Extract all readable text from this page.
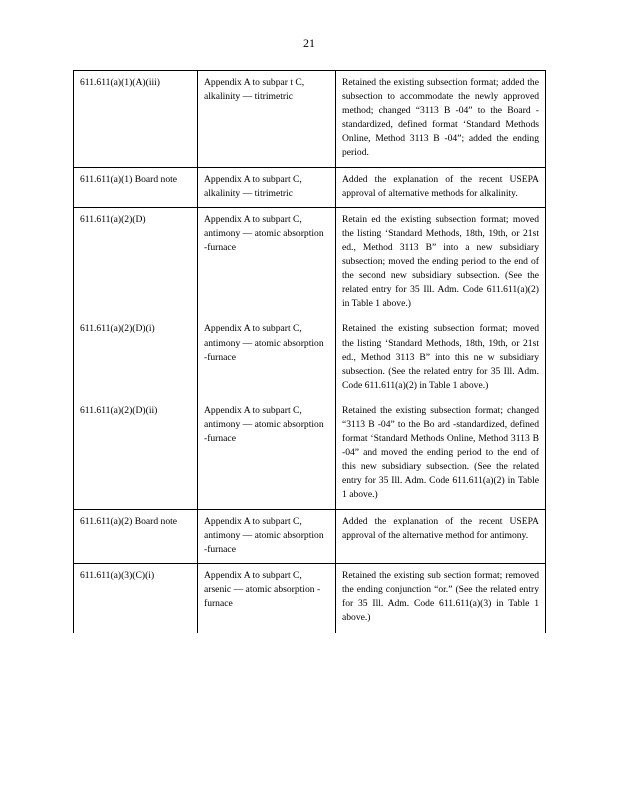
21
611.611(a)(1)(A)(iii)	Appendix A to subpar t C, alkalinity — titrimetric	Retained the existing subsection format; added the subsection to accommodate the newly approved method; changed “3113 B -04” to the Board -standardized, defined format ‘Standard Methods Online, Method 3113 B -04”; added the ending period.
611.611(a)(1) Board note	Appendix A to subpart C, alkalinity — titrimetric	Added the explanation of the recent USEPA approval of alternative methods for alkalinity.
611.611(a)(2)(D)	Appendix A to subpart C, antimony — atomic absorption -furnace	Retain ed the existing subsection format; moved the listing ‘Standard Methods, 18th, 19th, or 21st ed., Method 3113 B” into a new subsidiary subsection; moved the ending period to the end of the second new subsidiary subsection. (See the related entry for 35 Ill. Adm. Code 611.611(a)(2) in Table 1 above.)
611.611(a)(2)(D)(i)	Appendix A to subpart C, antimony — atomic absorption -furnace	Retained the existing subsection format; moved the listing ‘Standard Methods, 18th, 19th, or 21st ed., Method 3113 B” into this ne w subsidiary subsection. (See the related entry for 35 Ill. Adm. Code 611.611(a)(2) in Table 1 above.)
611.611(a)(2)(D)(ii)	Appendix A to subpart C, antimony — atomic absorption -furnace	Retained the existing subsection format; changed “3113 B -04” to the Bo ard -standardized, defined format ‘Standard Methods Online, Method 3113 B -04” and moved the ending period to the end of this new subsidiary subsection. (See the related entry for 35 Ill. Adm. Code 611.611(a)(2) in Table 1 above.)
611.611(a)(2) Board note	Appendix A to subpart C, antimony — atomic absorption -furnace	Added the explanation of the recent USEPA approval of the alternative method for antimony.
611.611(a)(3)(C)(i)	Appendix A to subpart C, arsenic — atomic absorption -furnace	Retained the existing sub section format; removed the ending conjunction “or.” (See the related entry for 35 Ill. Adm. Code 611.611(a)(3) in Table 1 above.)
